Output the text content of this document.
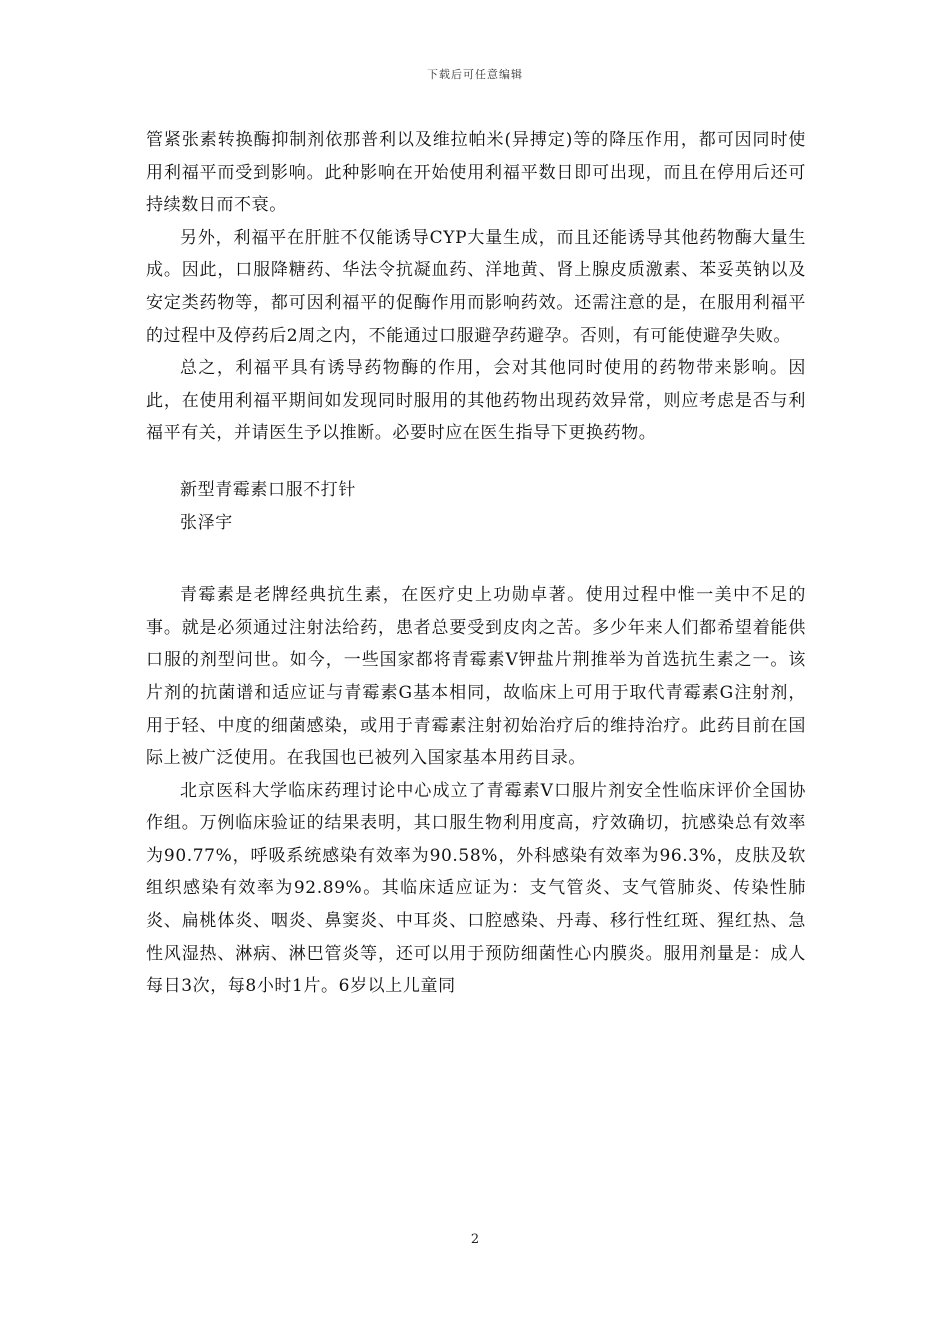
下载后可任意编辑

管紧张素转换酶抑制剂依那普利以及维拉帕米(异搏定)等的降压作用，都可因同时使用利福平而受到影响。此种影响在开始使用利福平数日即可出现，而且在停用后还可持续数日而不衰。

另外，利福平在肝脏不仅能诱导CYP大量生成，而且还能诱导其他药物酶大量生成。因此，口服降糖药、华法令抗凝血药、洋地黄、肾上腺皮质激素、苯妥英钠以及安定类药物等，都可因利福平的促酶作用而影响药效。还需注意的是，在服用利福平的过程中及停药后2周之内，不能通过口服避孕药避孕。否则，有可能使避孕失败。

总之，利福平具有诱导药物酶的作用，会对其他同时使用的药物带来影响。因此，在使用利福平期间如发现同时服用的其他药物出现药效异常，则应考虑是否与利福平有关，并请医生予以推断。必要时应在医生指导下更换药物。

新型青霉素口服不打针

张泽宇

青霉素是老牌经典抗生素，在医疗史上功勋卓著。使用过程中惟一美中不足的事。就是必须通过注射法给药，患者总要受到皮肉之苦。多少年来人们都希望着能供口服的剂型问世。如今，一些国家都将青霉素V钾盐片荆推举为首选抗生素之一。该片剂的抗菌谱和适应证与青霉素G基本相同，故临床上可用于取代青霉素G注射剂，用于轻、中度的细菌感染，或用于青霉素注射初始治疗后的维持治疗。此药目前在国际上被广泛使用。在我国也已被列入国家基本用药目录。

北京医科大学临床药理讨论中心成立了青霉素V口服片剂安全性临床评价全国协作组。万例临床验证的结果表明，其口服生物利用度高，疗效确切，抗感染总有效率为90.77%，呼吸系统感染有效率为90.58%，外科感染有效率为96.3%，皮肤及软组织感染有效率为92.89%。其临床适应证为：支气管炎、支气管肺炎、传染性肺炎、扁桃体炎、咽炎、鼻窦炎、中耳炎、口腔感染、丹毒、移行性红斑、猩红热、急性风湿热、淋病、淋巴管炎等，还可以用于预防细菌性心内膜炎。服用剂量是：成人每日3次，每8小时1片。6岁以上儿童同

2
